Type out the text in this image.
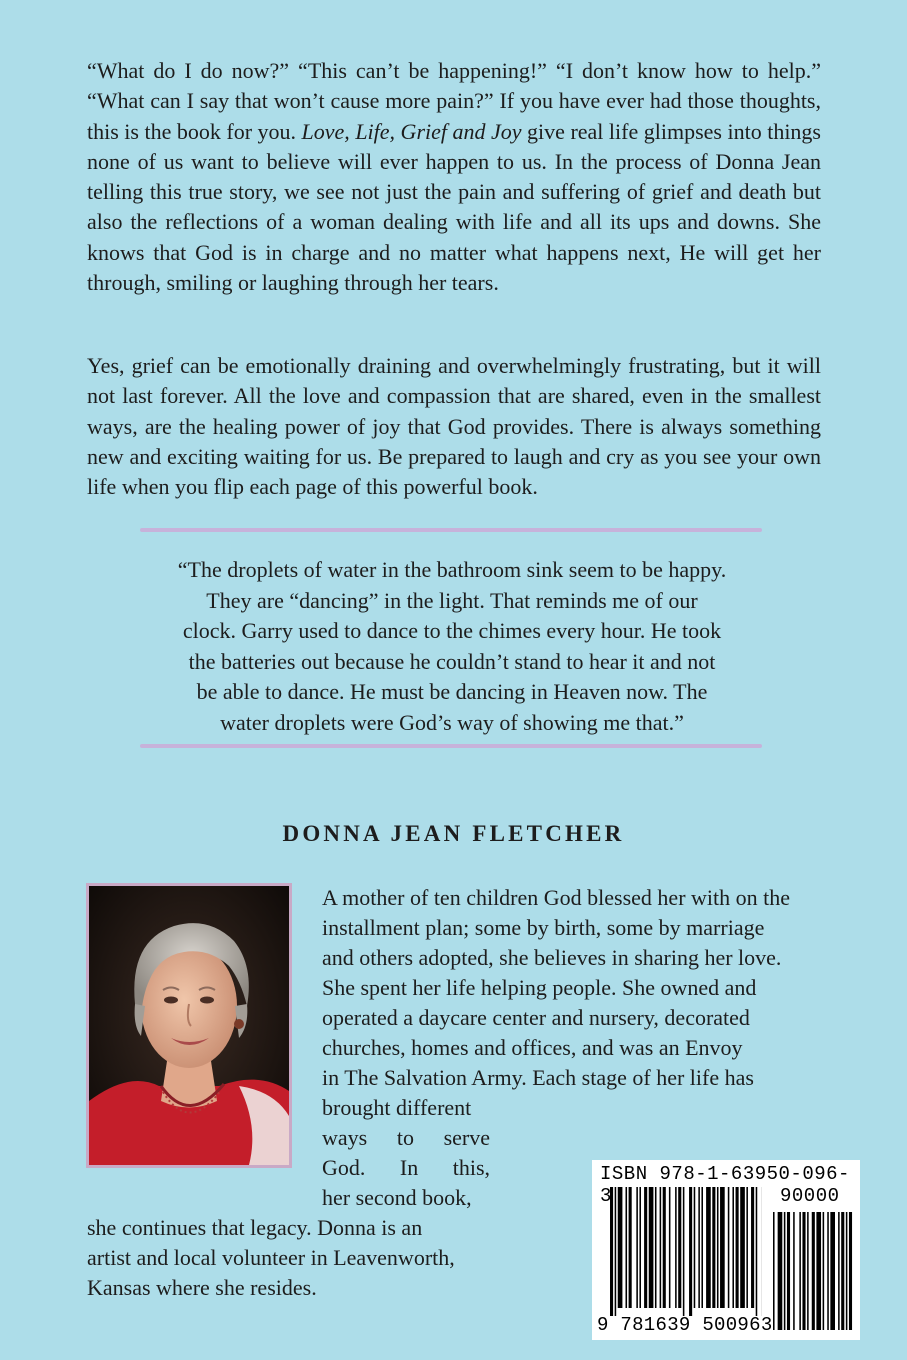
“What do I do now?” “This can’t be happening!” “I don’t know how to help.” “What can I say that won’t cause more pain?” If you have ever had those thoughts, this is the book for you. Love, Life, Grief and Joy give real life glimpses into things none of us want to believe will ever happen to us. In the process of Donna Jean telling this true story, we see not just the pain and suffering of grief and death but also the reflections of a woman dealing with life and all its ups and downs. She knows that God is in charge and no matter what happens next, He will get her through, smiling or laughing through her tears.

Yes, grief can be emotionally draining and overwhelmingly frustrating, but it will not last forever. All the love and compassion that are shared, even in the smallest ways, are the healing power of joy that God provides. There is always something new and exciting waiting for us. Be prepared to laugh and cry as you see your own life when you flip each page of this powerful book.

“The droplets of water in the bathroom sink seem to be happy.
They are “dancing” in the light. That reminds me of our
clock. Garry used to dance to the chimes every hour. He took
the batteries out because he couldn’t stand to hear it and not
be able to dance. He must be dancing in Heaven now. The
water droplets were God’s way of showing me that.”
DONNA JEAN FLETCHER
A mother of ten children God blessed her with on the
installment plan; some by birth, some by marriage
and others adopted, she believes in sharing her love.
She spent her life helping people. She owned and
operated a daycare center and nursery, decorated
churches, homes and offices, and was an Envoy
in The Salvation Army. Each stage of her life has
brought different
ways to serve
God. In this,
her second book,
she continues that legacy. Donna is an
artist and local volunteer in Leavenworth,
Kansas where she resides.
ISBN 978-1-63950-096-3	90000
9 781639 500963
